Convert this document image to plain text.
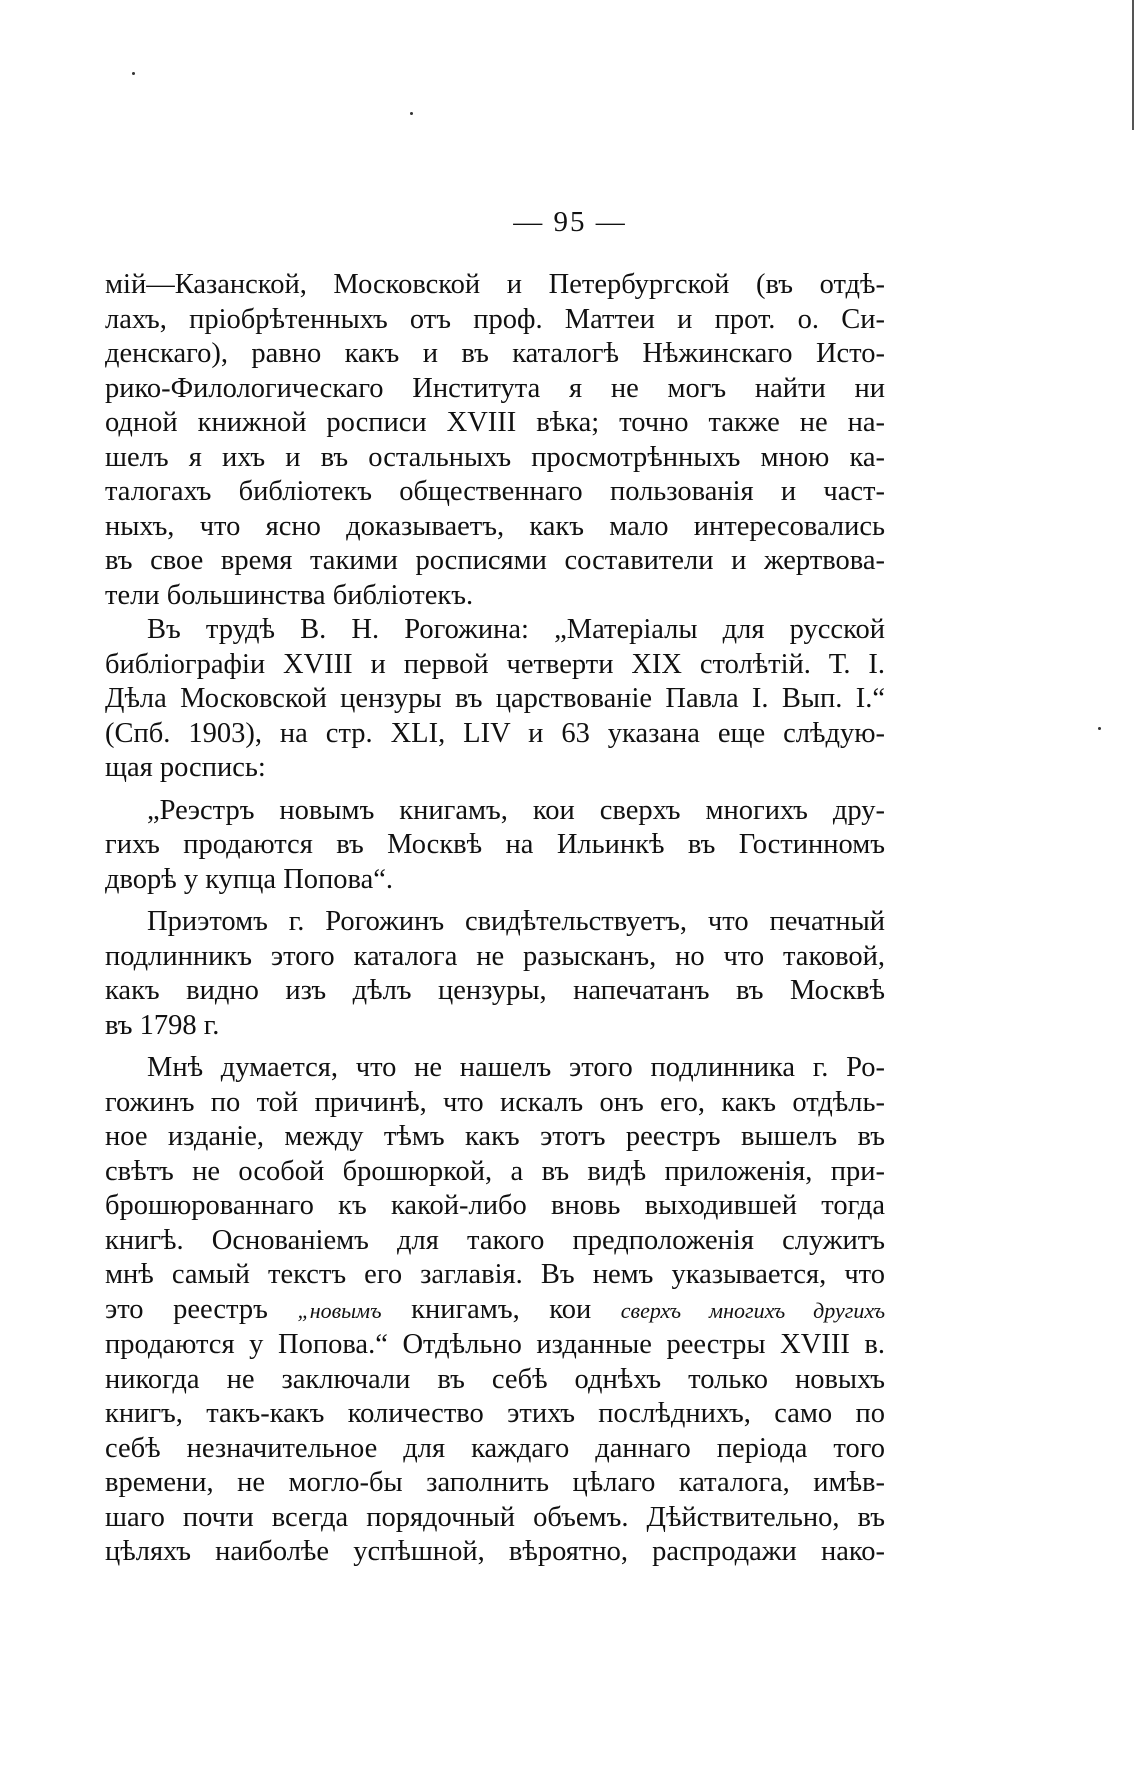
— 95 —
мій—Казанской, Московской и Петербургской (въ отдѣ-
лахъ, пріобрѣтенныхъ отъ проф. Маттеи и прот. о. Си-
денскаго), равно какъ и въ каталогѣ Нѣжинскаго Исто-
рико-Филологическаго Института я не могъ найти ни
одной книжной росписи XVIII вѣка; точно также не на-
шелъ я ихъ и въ остальныхъ просмотрѣнныхъ мною ка-
талогахъ библіотекъ общественнаго пользованія и част-
ныхъ, что ясно доказываетъ, какъ мало интересовались
въ свое время такими росписями составители и жертвова-
тели большинства библіотекъ.
Въ трудѣ В. Н. Рогожина: „Матеріалы для русской
библіографіи XVIII и первой четверти XIX столѣтій. Т. I.
Дѣла Московской цензуры въ царствованіе Павла I. Вып. I.“
(Спб. 1903), на стр. XLI, LIV и 63 указана еще слѣдую-
щая роспись:
„Реэстръ новымъ книгамъ, кои сверхъ многихъ дру-
гихъ продаются въ Москвѣ на Ильинкѣ въ Гостинномъ
дворѣ у купца Попова“.
Приэтомъ г. Рогожинъ свидѣтельствуетъ, что печатный
подлинникъ этого каталога не разысканъ, но что таковой,
какъ видно изъ дѣлъ цензуры, напечатанъ въ Москвѣ
въ 1798 г.
Мнѣ думается, что не нашелъ этого подлинника г. Ро-
гожинъ по той причинѣ, что искалъ онъ его, какъ отдѣль-
ное изданіе, между тѣмъ какъ этотъ реестръ вышелъ въ
свѣтъ не особой брошюркой, а въ видѣ приложенія, при-
брошюрованнаго къ какой-либо вновь выходившей тогда
книгѣ. Основаніемъ для такого предположенія служитъ
мнѣ самый текстъ его заглавія. Въ немъ указывается, что
это реестръ „новымъ книгамъ, кои сверхъ многихъ другихъ
продаются у Попова.“ Отдѣльно изданные реестры XVIII в.
никогда не заключали въ себѣ однѣхъ только новыхъ
книгъ, такъ-какъ количество этихъ послѣднихъ, само по
себѣ незначительное для каждаго даннаго періода того
времени, не могло-бы заполнить цѣлаго каталога, имѣв-
шаго почти всегда порядочный объемъ. Дѣйствительно, въ
цѣляхъ наиболѣе успѣшной, вѣроятно, распродажи нако-
